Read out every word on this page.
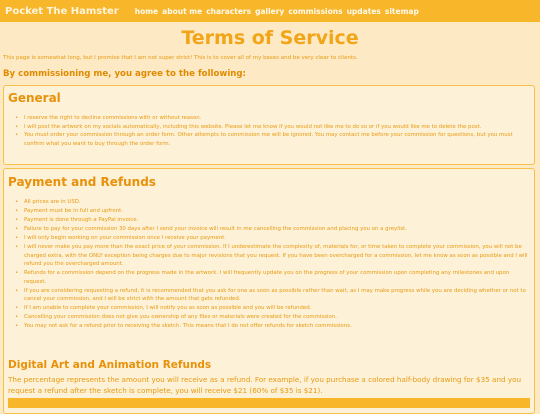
Pocket The Hamster home about me characters gallery commissions updates sitemap
Terms of Service
This page is somewhat long, but I promise that I am not super strict! This is to cover all of my bases and be very clear to clients.
By commissioning me, you agree to the following:
General
• I reserve the right to decline commissions with or without reason.
• I will post the artwork on my socials automatically, including this website. Please let me know if you would not like me to do so or if you would like me to delete the post.
• You must order your commission through an order form. Other attempts to commission me will be ignored. You may contact me before your commission for questions, but you must confirm what you want to buy through the order form.
Payment and Refunds
• All prices are in USD.
• Payment must be in full and upfront.
• Payment is done through a PayPal invoice.
• Failure to pay for your commission 30 days after I send your invoice will result in me cancelling the commission and placing you on a greylist.
• I will only begin working on your commission once I receive your payment.
• I will never make you pay more than the exact price of your commission. If I underestimate the complexity of, materials for, or time taken to complete your commission, you will not be charged extra, with the ONLY exception being charges due to major revisions that you request. If you have been overcharged for a commission, let me know as soon as possible and I will refund you the overcharged amount.
• Refunds for a commission depend on the progress made in the artwork. I will frequently update you on the progress of your commission upon completing any milestones and upon request.
• If you are considering requesting a refund, it is recommended that you ask for one as soon as possible rather than wait, as I may make progress while you are deciding whether or not to cancel your commission, and I will be strict with the amount that gets refunded.
• If I am unable to complete your commission, I will notify you as soon as possible and you will be refunded.
• Cancelling your commission does not give you ownership of any files or materials were created for the commission.
• You may not ask for a refund prior to receiving the sketch. This means that I do not offer refunds for sketch commissions.
Digital Art and Animation Refunds
The percentage represents the amount you will receive as a refund. For example, if you purchase a colored half-body drawing for $35 and you request a refund after the sketch is complete, you will receive $21 (60% of $35 is $21).
